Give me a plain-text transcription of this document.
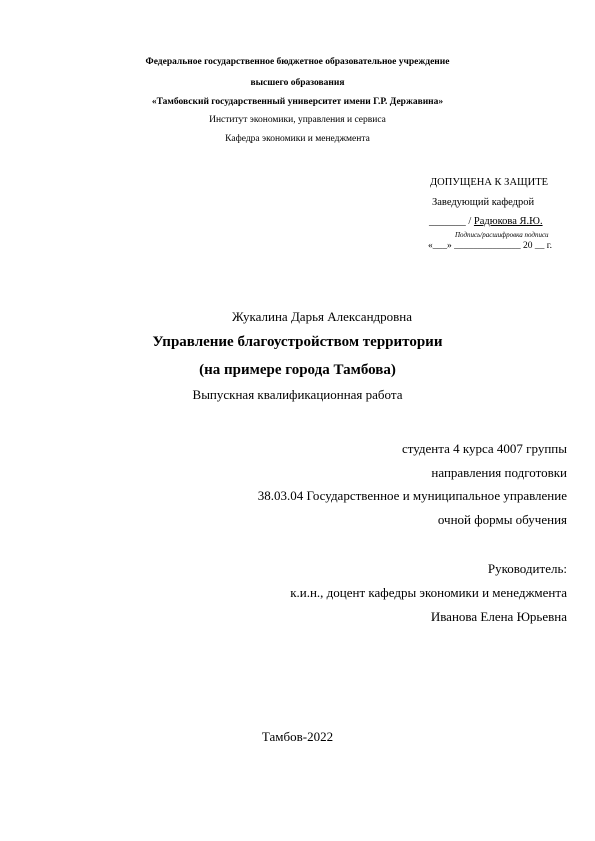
Федеральное государственное бюджетное образовательное учреждение
высшего образования
«Тамбовский государственный университет имени Г.Р. Державина»
Институт экономики, управления и сервиса
Кафедра экономики и менеджмента
ДОПУЩЕНА К ЗАЩИТЕ
Заведующий кафедрой
_______ / Радюкова Я.Ю.
Подпись/расшифровка подписи
«___» ______________ 20 __ г.
Жукалина Дарья Александровна
Управление благоустройством территории
(на примере города Тамбова)
Выпускная квалификационная работа
студента 4 курса 4007 группы
направления подготовки
38.03.04 Государственное и муниципальное управление
очной формы обучения
Руководитель:
к.и.н., доцент кафедры экономики и менеджмента
Иванова Елена Юрьевна
Тамбов-2022
